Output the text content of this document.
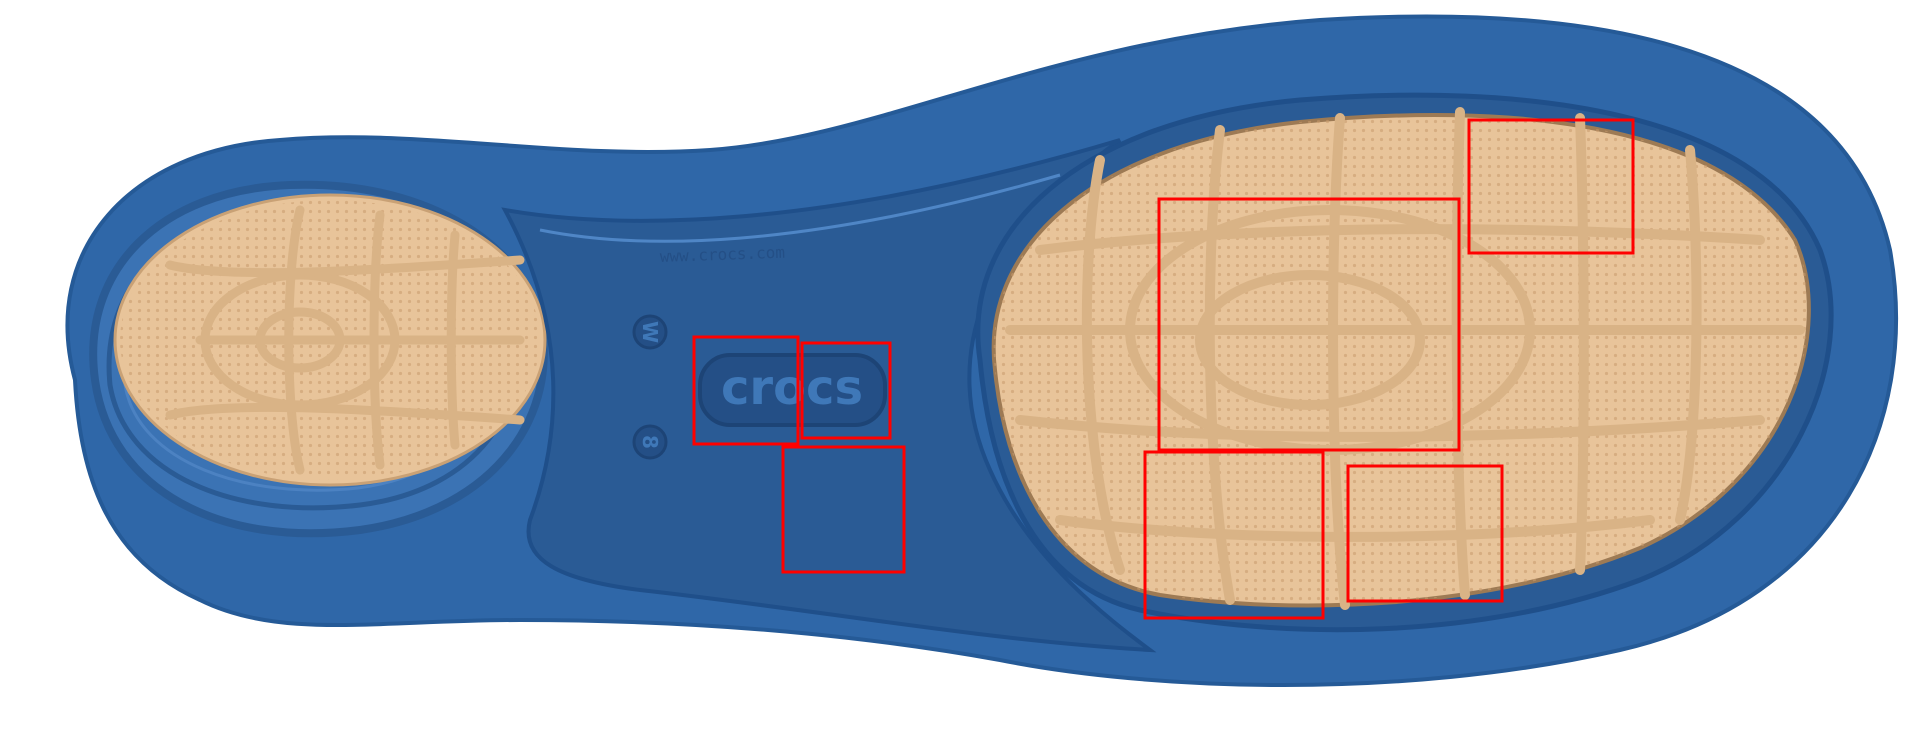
www.crocs.com
W
8
crocs
